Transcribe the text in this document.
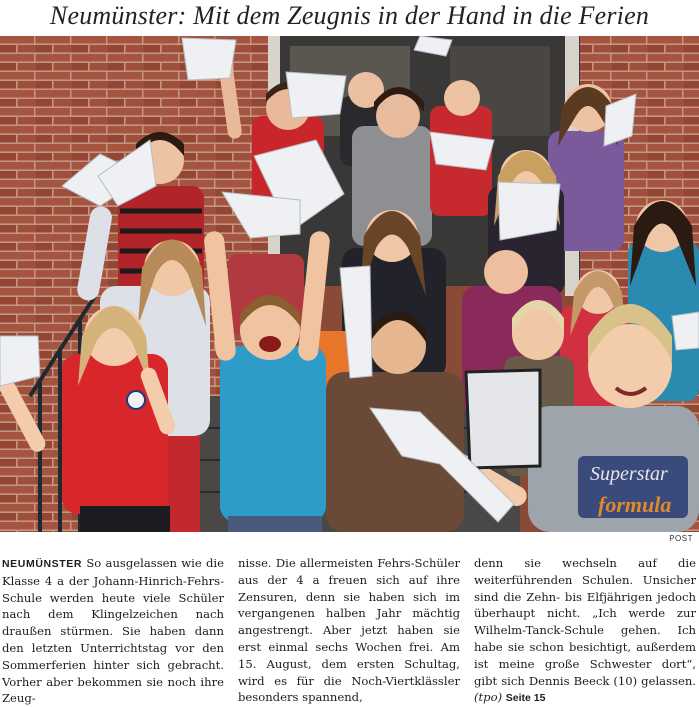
Neumünster: Mit dem Zeugnis in der Hand in die Ferien
Superstar
formula
POST
NEUMÜNSTER So ausgelassen wie die Klasse 4 a der Johann-Hinrich-Fehrs-Schule werden heute viele Schüler nach dem Klingelzeichen nach draußen stürmen. Sie haben dann den letzten Unterrichtstag vor den Sommerferien hinter sich gebracht. Vorher aber bekommen sie noch ihre Zeug-
nisse. Die allermeisten Fehrs-Schüler aus der 4 a freuen sich auf ihre Zensuren, denn sie haben sich im vergangenen halben Jahr mächtig angestrengt. Aber jetzt haben sie erst einmal sechs Wochen frei. Am 15. August, dem ersten Schultag, wird es für die Noch-Viertklässler besonders spannend,
denn sie wechseln auf die weiterführenden Schulen. Unsicher sind die Zehn- bis Elfjährigen jedoch überhaupt nicht. „Ich werde zur Wilhelm-Tanck-Schule gehen. Ich habe sie schon besichtigt, außerdem ist meine große Schwester dort“, gibt sich Dennis Beeck (10) gelassen. (tpo) Seite 15
